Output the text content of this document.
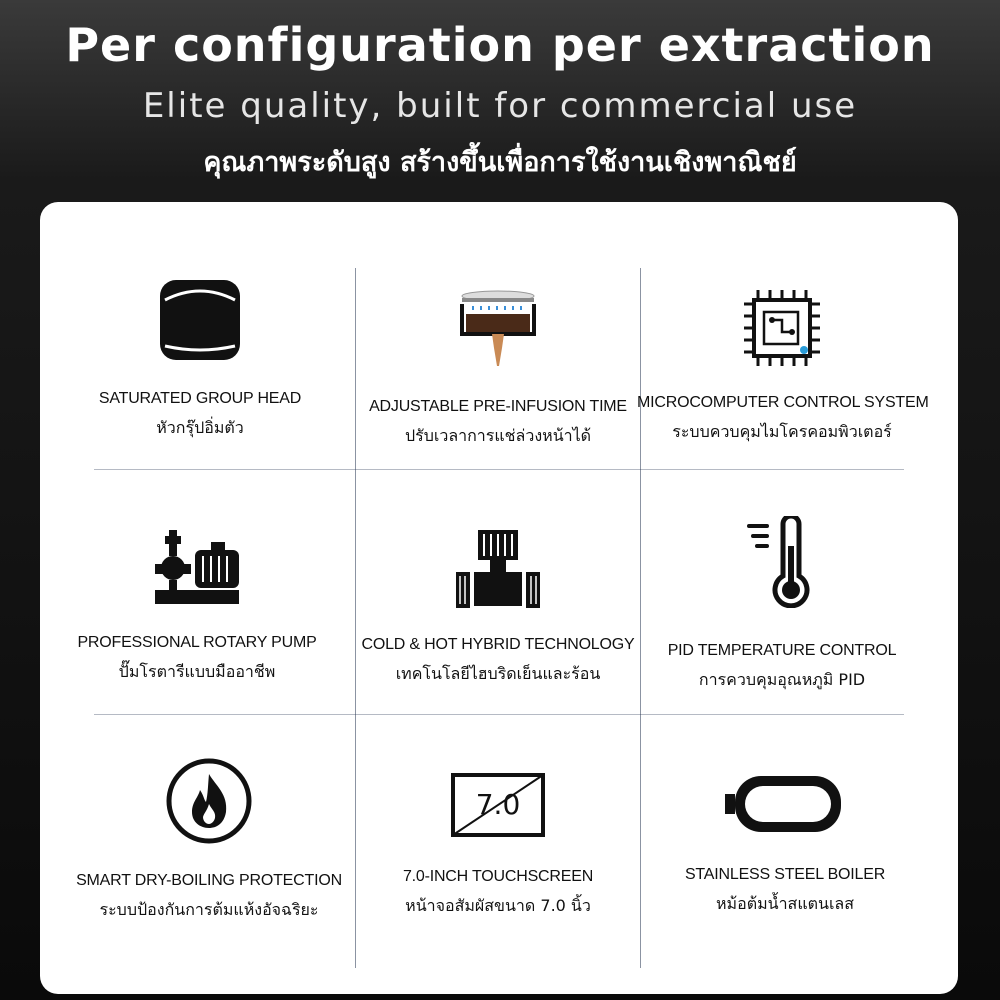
Per configuration per extraction
Elite quality, built for commercial use
คุณภาพระดับสูง สร้างขึ้นเพื่อการใช้งานเชิงพาณิชย์
SATURATED GROUP HEAD
หัวกรุ๊ปอิ่มตัว
ADJUSTABLE PRE-INFUSION TIME
ปรับเวลาการแช่ล่วงหน้าได้
MICROCOMPUTER CONTROL SYSTEM
ระบบควบคุมไมโครคอมพิวเตอร์
PROFESSIONAL ROTARY PUMP
ปั๊มโรตารีแบบมืออาชีพ
COLD & HOT HYBRID TECHNOLOGY
เทคโนโลยีไฮบริดเย็นและร้อน
PID TEMPERATURE CONTROL
การควบคุมอุณหภูมิ PID
SMART DRY-BOILING PROTECTION
ระบบป้องกันการต้มแห้งอัจฉริยะ
7.0
7.0-INCH TOUCHSCREEN
หน้าจอสัมผัสขนาด 7.0 นิ้ว
STAINLESS STEEL BOILER
หม้อต้มน้ำสแตนเลส
